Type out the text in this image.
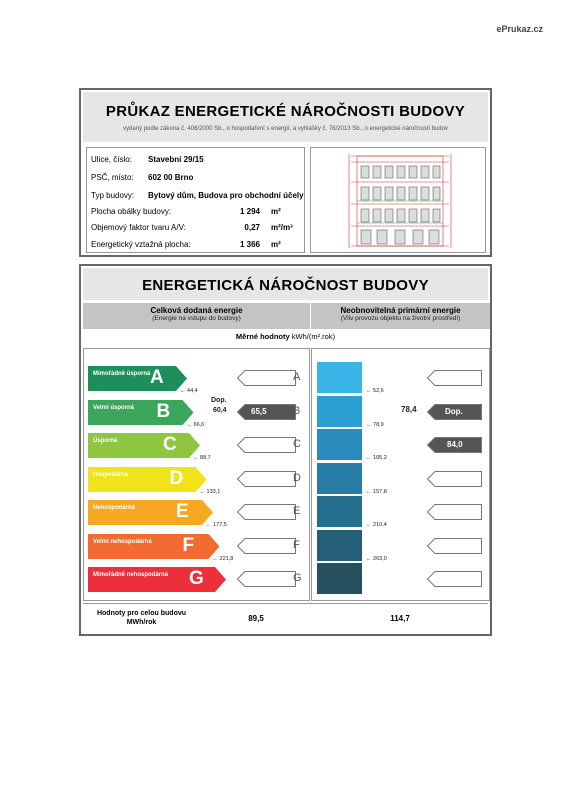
ePrukaz.cz
PRŮKAZ ENERGETICKÉ NÁROČNOSTI BUDOVY
vydaný podle zákona č. 406/2000 Sb., o hospodaření s energií, a vyhlášky č. 78/2013 Sb., o energetické náročnosti budov
Ulice, číslo: Stavební 29/15
PSČ, místo: 602 00 Brno
Typ budovy: Bytový dům, Budova pro obchodní účely
Plocha obálky budovy:	1 294 m²
Objemový faktor tvaru A/V:	0,27 m²/m³
Energetický vztažná plocha:	1 366 m²
ENERGETICKÁ NÁROČNOST BUDOVY
Celková dodaná energie
(Energie na vstupu do budovy)
Neobnovitelná primární energie
(Vliv provozu objektu na životní prostředí)
Měrné hodnoty kWh/(m².rok)
Mimořádně úsporná A
← 44,4
A
← 52,6
Velmi úsporná	B
← 66,6
65,5 B
← 78,9
Dop.
Úsporná	C
← 88,7
C
← 105,2
84,0
Hospodárná	D
← 133,1
D
← 157,8
Nehospodárná	E
← 177,5
E
← 210,4
Velmi nehospodárná	F
← 221,8
F
← 263,0
Mimořádně nehospodárná	G	G
Dop.
60,4	78,4
Hodnoty pro celou budovu
MWh/rok	89,5	114,7
